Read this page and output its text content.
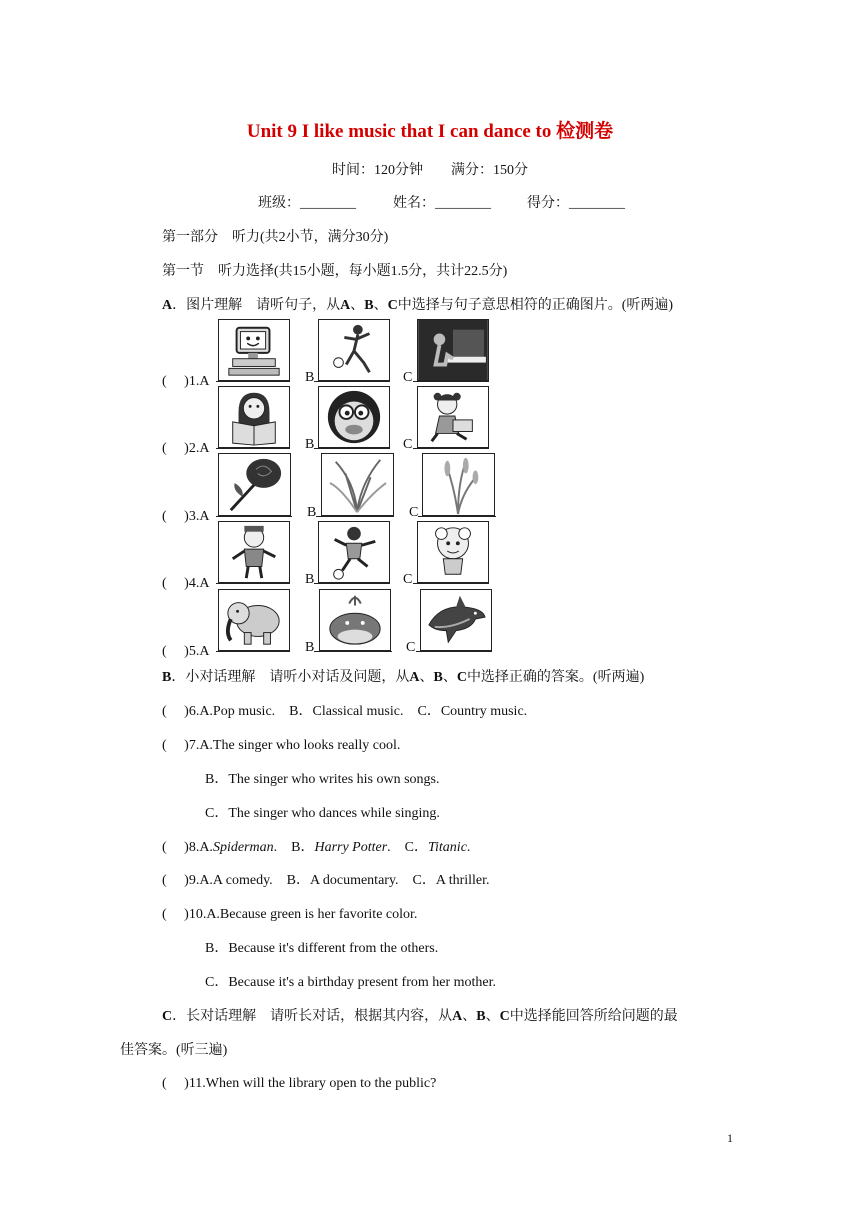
Unit 9 I like music that I can dance to 检测卷
时间：120分钟　　满分：150分
班级：________	姓名：________	得分：________
第一部分　听力(共2小节，满分30分)
第一节　听力选择(共15小题，每小题1.5分，共计22.5分)
A．图片理解　请听句子，从A、B、C中选择与句子意思相符的正确图片。(听两遍)
(　 )1.A	B	C
(　 )2.A	B	C
(　 )3.A	B	C
(　 )4.A	B	C
(　 )5.A	B	C
B．小对话理解　请听小对话及问题，从A、B、C中选择正确的答案。(听两遍)
(　 )6.A.Pop music.　B．Classical music.　C．Country music.
(　 )7.A.The singer who looks really cool.
B．The singer who writes his own songs.
C．The singer who dances while singing.
(　 )8.A.Spiderman.　B．Harry Potter.　C．Titanic.
(　 )9.A.A comedy.　B．A documentary.　C．A thriller.
(　 )10.A.Because green is her favorite color.
B．Because it's different from the others.
C．Because it's a birthday present from her mother.
C．长对话理解　请听长对话，根据其内容，从A、B、C中选择能回答所给问题的最
佳答案。(听三遍)
(　 )11.When will the library open to the public?
1
